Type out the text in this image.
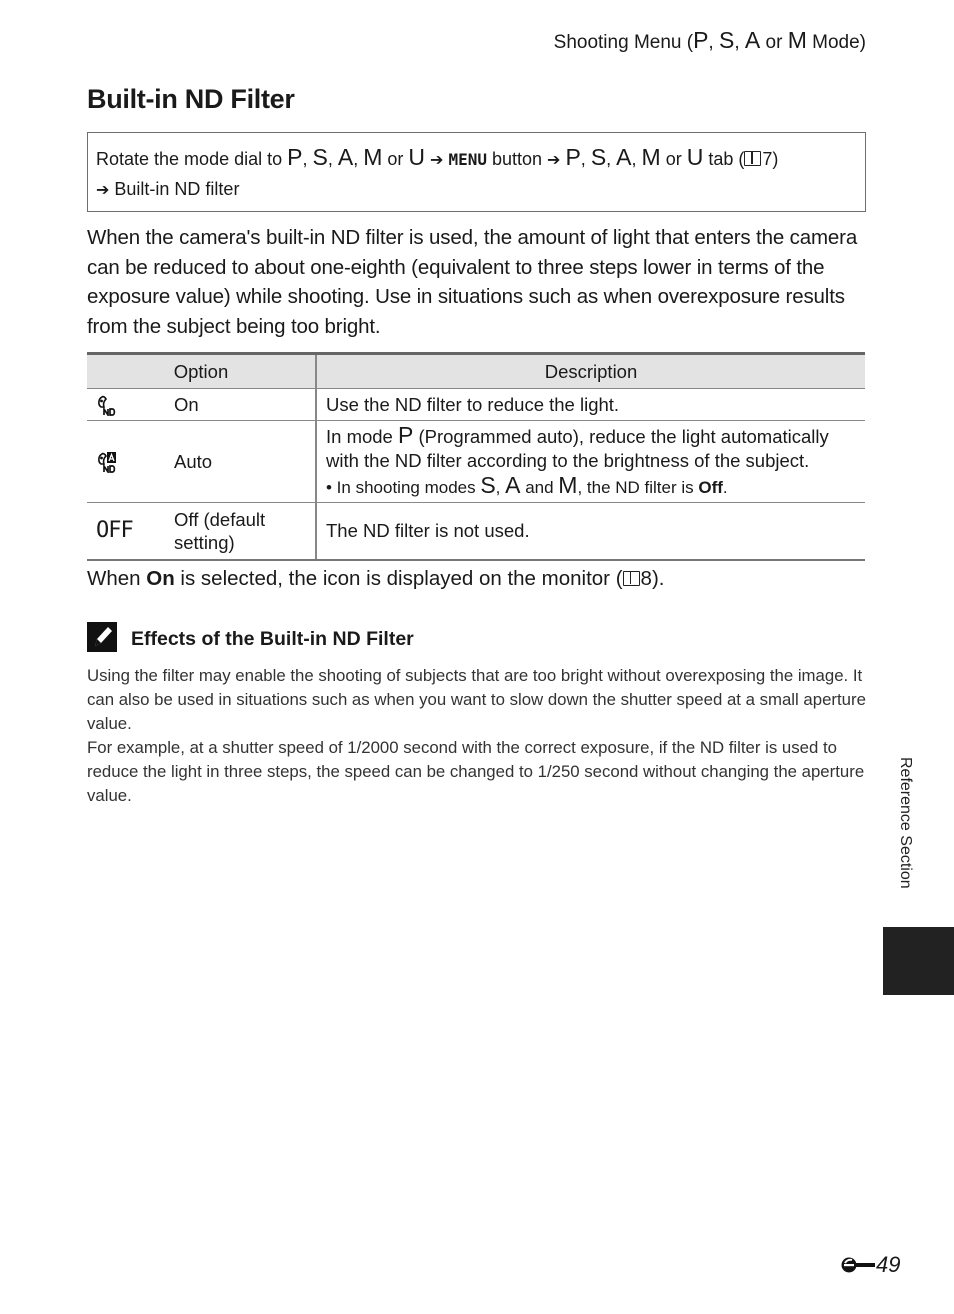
Shooting Menu (P, S, A or M Mode)
Built-in ND Filter
Rotate the mode dial to P, S, A, M or U ➔ MENU button ➔ P, S, A, M or U tab ( 7)
➔ Built-in ND filter

When the camera's built-in ND filter is used, the amount of light that enters the camera can be reduced to about one-eighth (equivalent to three steps lower in terms of the exposure value) while shooting. Use in situations such as when overexposure results from the subject being too bright.

Option		Description
	On	Use the ND filter to reduce the light.
	Auto	In mode P (Programmed auto), reduce the light automatically with the ND filter according to the brightness of the subject.
• In shooting modes S, A and M, the ND filter is Off.

OFF	Off (default setting)	The ND filter is not used.
When On is selected, the icon is displayed on the monitor ( 8).
Effects of the Built-in ND Filter

Using the filter may enable the shooting of subjects that are too bright without overexposing the image. It can also be used in situations such as when you want to slow down the shutter speed at a small aperture value.

For example, at a shutter speed of 1/2000 second with the correct exposure, if the ND filter is used to reduce the light in three steps, the speed can be changed to 1/250 second without changing the aperture value.	Reference Section
49
